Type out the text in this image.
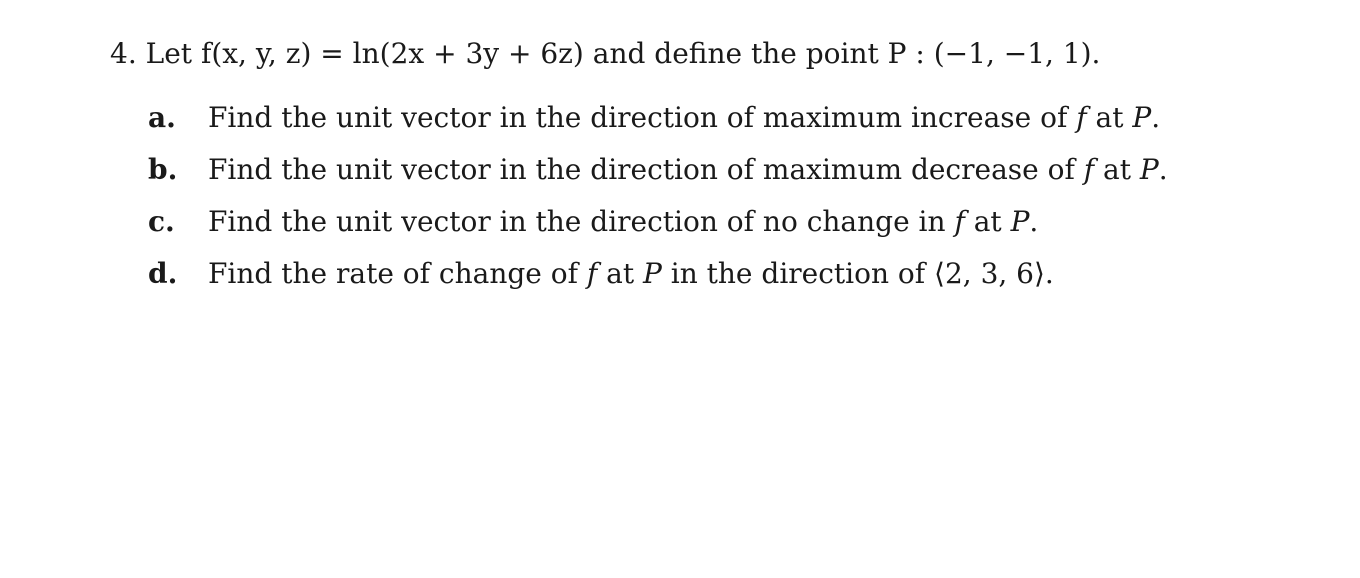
4. Let f(x, y, z) = ln(2x + 3y + 6z) and define the point P : (−1, −1, 1).
a. Find the unit vector in the direction of maximum increase of f at P.
b. Find the unit vector in the direction of maximum decrease of f at P.
c. Find the unit vector in the direction of no change in f at P.
d. Find the rate of change of f at P in the direction of ⟨2, 3, 6⟩.
